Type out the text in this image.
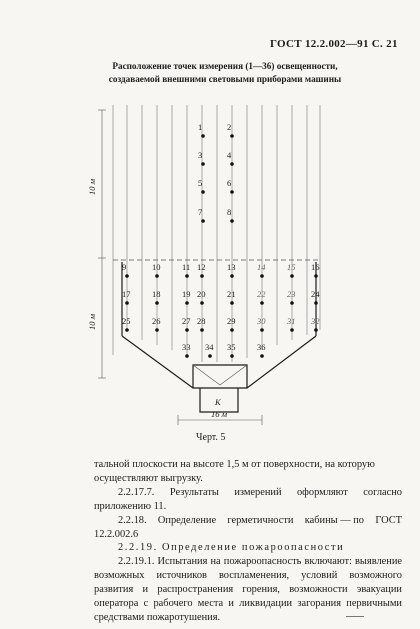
ГОСТ 12.2.002—91 С. 21
Расположение точек измерения (1—36) освещенности, создаваемой внешними световыми приборами машины
10 м
10 м
К
16 м
1	2
3	4
5	6
7	8
9	10	11 12	13	14	15 16
17	18	19 20	21	22	23 24
25	26	27 28	29	30	31 32
33 34 35	36
Черт. 5

тальной плоскости на высоте 1,5 м от поверхности, на которую

осуществляют выгрузку.

2.2.17.7. Результаты измерений оформляют согласно приложению 11.

2.2.18. Определение герметичности кабины — по ГОСТ

12.2.002.6

2.2.19. Определение пожароопасности

2.2.19.1. Испытания на пожароопасность включают: выявление возможных источников воспламенения, условий возможного развития и распространения горения, возможности эвакуации оператора с рабочего места и ликвидации загорания первичными средствами пожаротушения.
